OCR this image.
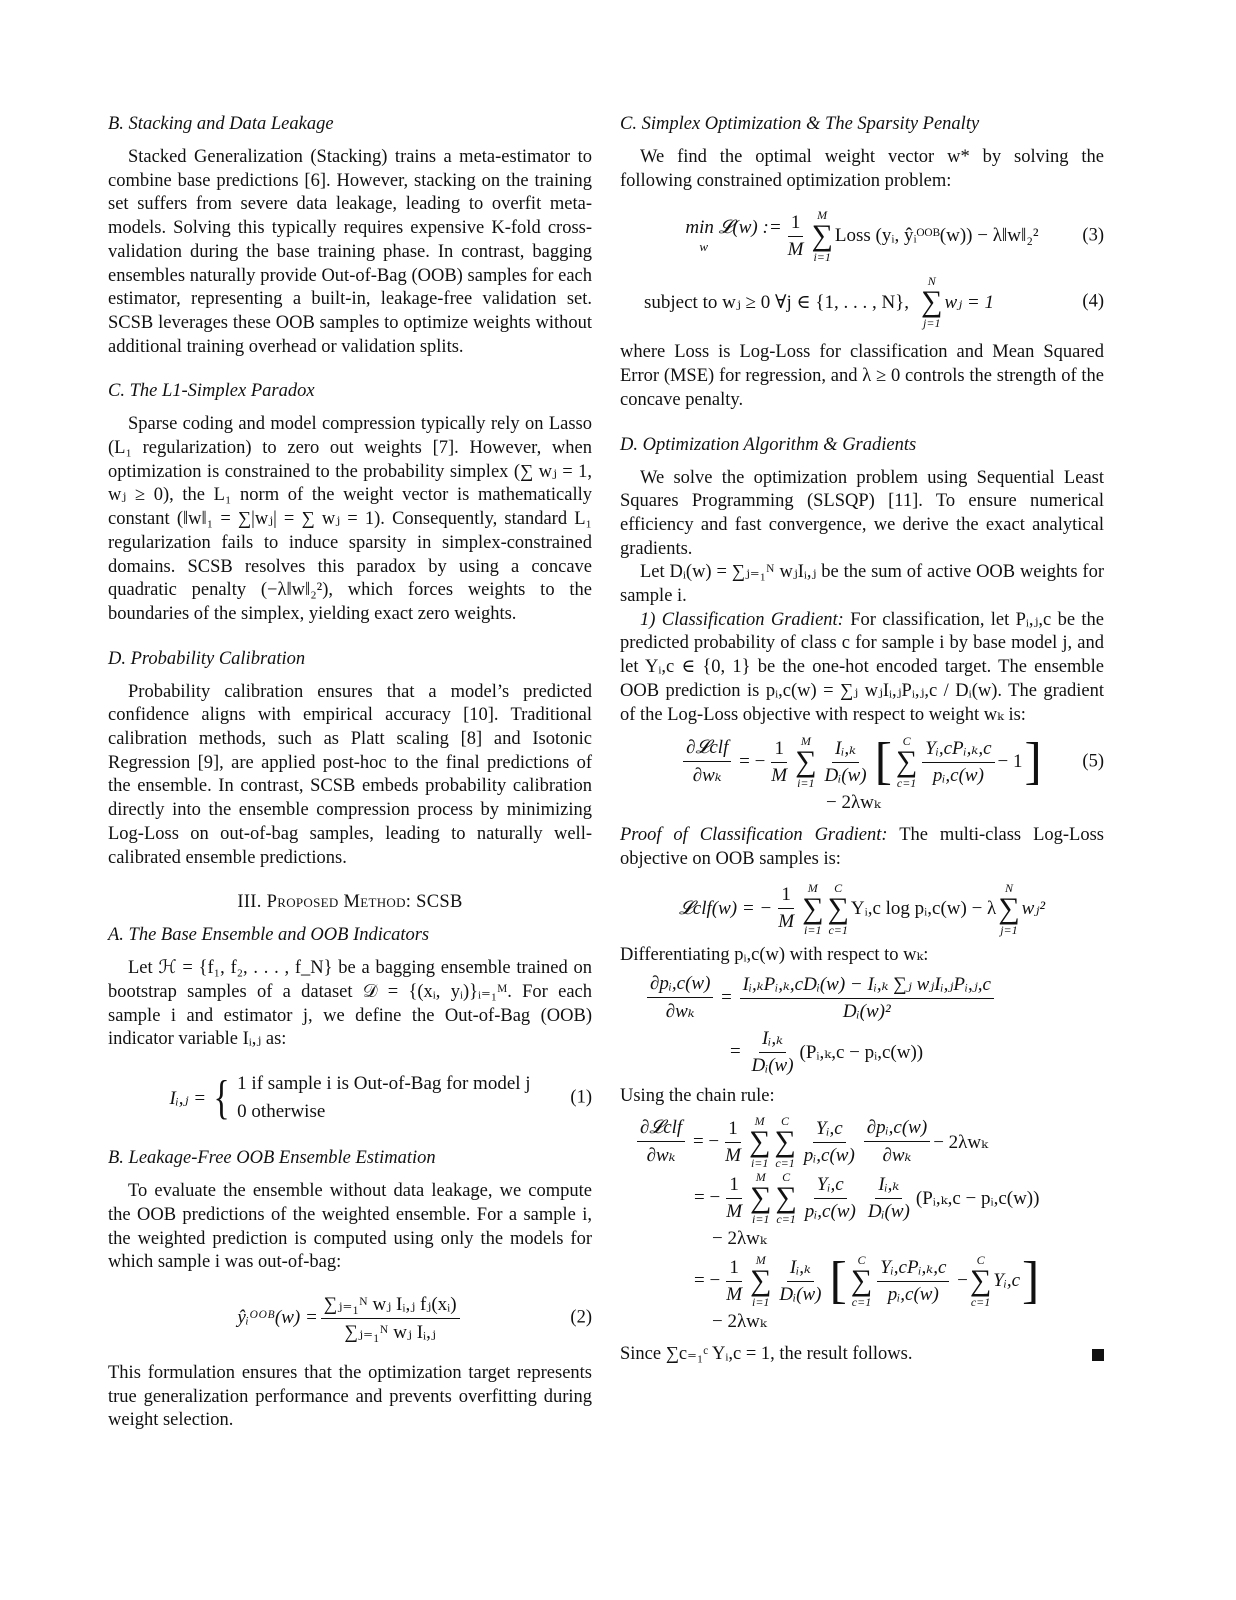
B. Stacking and Data Leakage

Stacked Generalization (Stacking) trains a meta-estimator to combine base predictions [6]. However, stacking on the training set suffers from severe data leakage, leading to overfit meta-models. Solving this typically requires expensive K-fold cross-validation during the base training phase. In contrast, bagging ensembles naturally provide Out-of-Bag (OOB) samples for each estimator, representing a built-in, leakage-free validation set. SCSB leverages these OOB samples to optimize weights without additional training overhead or validation splits.

C. The L1-Simplex Paradox

Sparse coding and model compression typically rely on Lasso (L₁ regularization) to zero out weights [7]. However, when optimization is constrained to the probability simplex (∑ wⱼ = 1, wⱼ ≥ 0), the L₁ norm of the weight vector is mathematically constant (‖w‖₁ = ∑|wⱼ| = ∑ wⱼ = 1). Consequently, standard L₁ regularization fails to induce sparsity in simplex-constrained domains. SCSB resolves this paradox by using a concave quadratic penalty (−λ‖w‖₂²), which forces weights to the boundaries of the simplex, yielding exact zero weights.

D. Probability Calibration

Probability calibration ensures that a model’s predicted confidence aligns with empirical accuracy [10]. Traditional calibration methods, such as Platt scaling [8] and Isotonic Regression [9], are applied post-hoc to the final predictions of the ensemble. In contrast, SCSB embeds probability calibration directly into the ensemble compression process by minimizing Log-Loss on out-of-bag samples, leading to naturally well-calibrated ensemble predictions.

III. Proposed Method: SCSB
A. The Base Ensemble and OOB Indicators

Let ℋ = {f₁, f₂, . . . , f_N} be a bagging ensemble trained on bootstrap samples of a dataset 𝒟 = {(xᵢ, yᵢ)}ᵢ₌₁ᴹ. For each sample i and estimator j, we define the Out-of-Bag (OOB) indicator variable Iᵢ,ⱼ as:

Iᵢ,ⱼ = { 1 if sample i is Out-of-Bag for model j
0 otherwise
(1)
B. Leakage-Free OOB Ensemble Estimation

To evaluate the ensemble without data leakage, we compute the OOB predictions of the weighted ensemble. For a sample i, the weighted prediction is computed using only the models for which sample i was out-of-bag:

ŷᵢᴼᴼᴮ(w) = $\frac{\text{∑ⱼ₌₁ᴺ wⱼ Iᵢ,ⱼ fⱼ(xᵢ)}}{\text{∑ⱼ₌₁ᴺ wⱼ Iᵢ,ⱼ}}$	(2)

This formulation ensures that the optimization target represents true generalization performance and prevents overfitting during weight selection.

C. Simplex Optimization & The Sparsity Penalty

We find the optimal weight vector w* by solving the following constrained optimization problem:

min 𝓛(w) :=
w	$\frac{1}{M}$ M
∑
i=1
Loss (yᵢ, ŷᵢᴼᴼᴮ(w)) − λ‖w‖₂² (3)
subject to wⱼ ≥ 0 ∀j ∈ {1, . . . , N},
N
∑
j=1
wⱼ = 1	(4)

where Loss is Log-Loss for classification and Mean Squared Error (MSE) for regression, and λ ≥ 0 controls the strength of the concave penalty.

D. Optimization Algorithm & Gradients

We solve the optimization problem using Sequential Least Squares Programming (SLSQP) [11]. To ensure numerical efficiency and fast convergence, we derive the exact analytical gradients.

Let Dᵢ(w) = ∑ⱼ₌₁ᴺ wⱼIᵢ,ⱼ be the sum of active OOB weights for sample i.

1) Classification Gradient: For classification, let Pᵢ,ⱼ,c be the predicted probability of class c for sample i by base model j, and let Yᵢ,c ∈ {0, 1} be the one-hot encoded target. The ensemble OOB prediction is pᵢ,c(w) = ∑ⱼ wⱼIᵢ,ⱼPᵢ,ⱼ,c / Dᵢ(w). The gradient of the Log-Loss objective with respect to weight wₖ is:

$\frac{\text{∂𝓛clf}}{\text{∂wₖ}}$ = − $\frac{1}{M}$ M
∑
$i=1 \frac{\text{Iᵢ,ₖ}}{\text{Dᵢ(w)}}$ [ C
∑
$c=1 \frac{\text{Yᵢ,cPᵢ,ₖ,c}}{\text{pᵢ,c(w)}} - 1$ ] (5)
− 2λwₖ

Proof of Classification Gradient: The multi-class Log-Loss objective on OOB samples is:

𝓛clf(w) = − $\frac{1}{M}$ M
∑
i=1
C
∑
c=1
Yᵢ,c log pᵢ,c(w) − λ
N
∑
j=1
wⱼ²

Differentiating pᵢ,c(w) with respect to wₖ:

$\frac{\text{∂pᵢ,c(w)}}{\text{∂wₖ}} = \frac{\text{Iᵢ,ₖPᵢ,ₖ,cDᵢ(w) − Iᵢ,ₖ ∑ⱼ wⱼIᵢ,ⱼPᵢ,ⱼ,c}}{\text{Dᵢ(w)²}}$
= $\frac{\text{Iᵢ,ₖ}}{\text{Dᵢ(w)}}$ (Pᵢ,ₖ,c − pᵢ,c(w))

Using the chain rule:

$\frac{\text{∂𝓛clf}}{\text{∂wₖ}}$ = − $\frac{1}{M}$ M
∑
i=1
C
∑
$c=1 \frac{\text{Yᵢ,c}}{\text{pᵢ,c(w)}} \frac{\text{∂pᵢ,c(w)}}{\text{∂wₖ}} - 2\lambda w_k$
= − $\frac{1}{M}$ M
∑
i=1
C
∑
$c=1 \frac{\text{Yᵢ,c}}{\text{pᵢ,c(w)}} \frac{\text{Iᵢ,ₖ}}{\text{Dᵢ(w)}}$ (Pᵢ,ₖ,c − pᵢ,c(w))
− 2λwₖ
= − $\frac{1}{M}$ M
∑
$i=1 \frac{\text{Iᵢ,ₖ}}{\text{Dᵢ(w)}}$ [ C
∑
$c=1 \frac{\text{Yᵢ,cPᵢ,ₖ,c}}{\text{pᵢ,c(w)}}$ −
C
∑
c=1
Yᵢ,c ]
− 2λwₖ

Since ∑c₌₁ᶜ Yᵢ,c = 1, the result follows.
